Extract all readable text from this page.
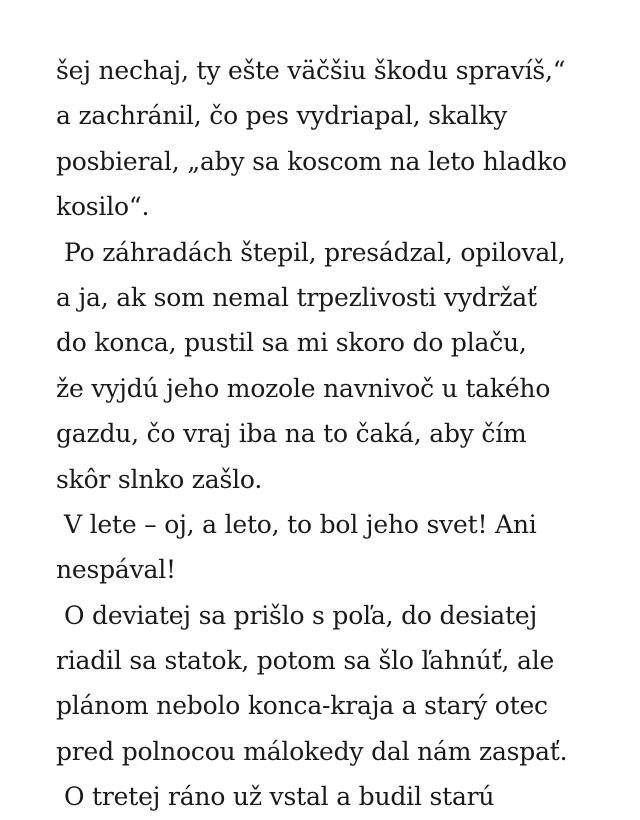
šej nechaj, ty ešte väčšiu škodu spravíš,“
a zachránil, čo pes vydriapal, skalky
posbieral, „aby sa koscom na leto hladko
kosilo“.
Po záhradách štepil, presádzal, opiloval,
a ja, ak som nemal trpezlivosti vydržať
do konca, pustil sa mi skoro do plaču,
že vyjdú jeho mozole navnivoč u takého
gazdu, čo vraj iba na to čaká, aby čím
skôr slnko zašlo.
V lete – oj, a leto, to bol jeho svet! Ani
nespával!
O deviatej sa prišlo s poľa, do desiatej
riadil sa statok, potom sa šlo ľahnúť, ale
plánom nebolo konca-kraja a starý otec
pred polnocou málokedy dal nám zaspať.
O tretej ráno už vstal a budil starú
